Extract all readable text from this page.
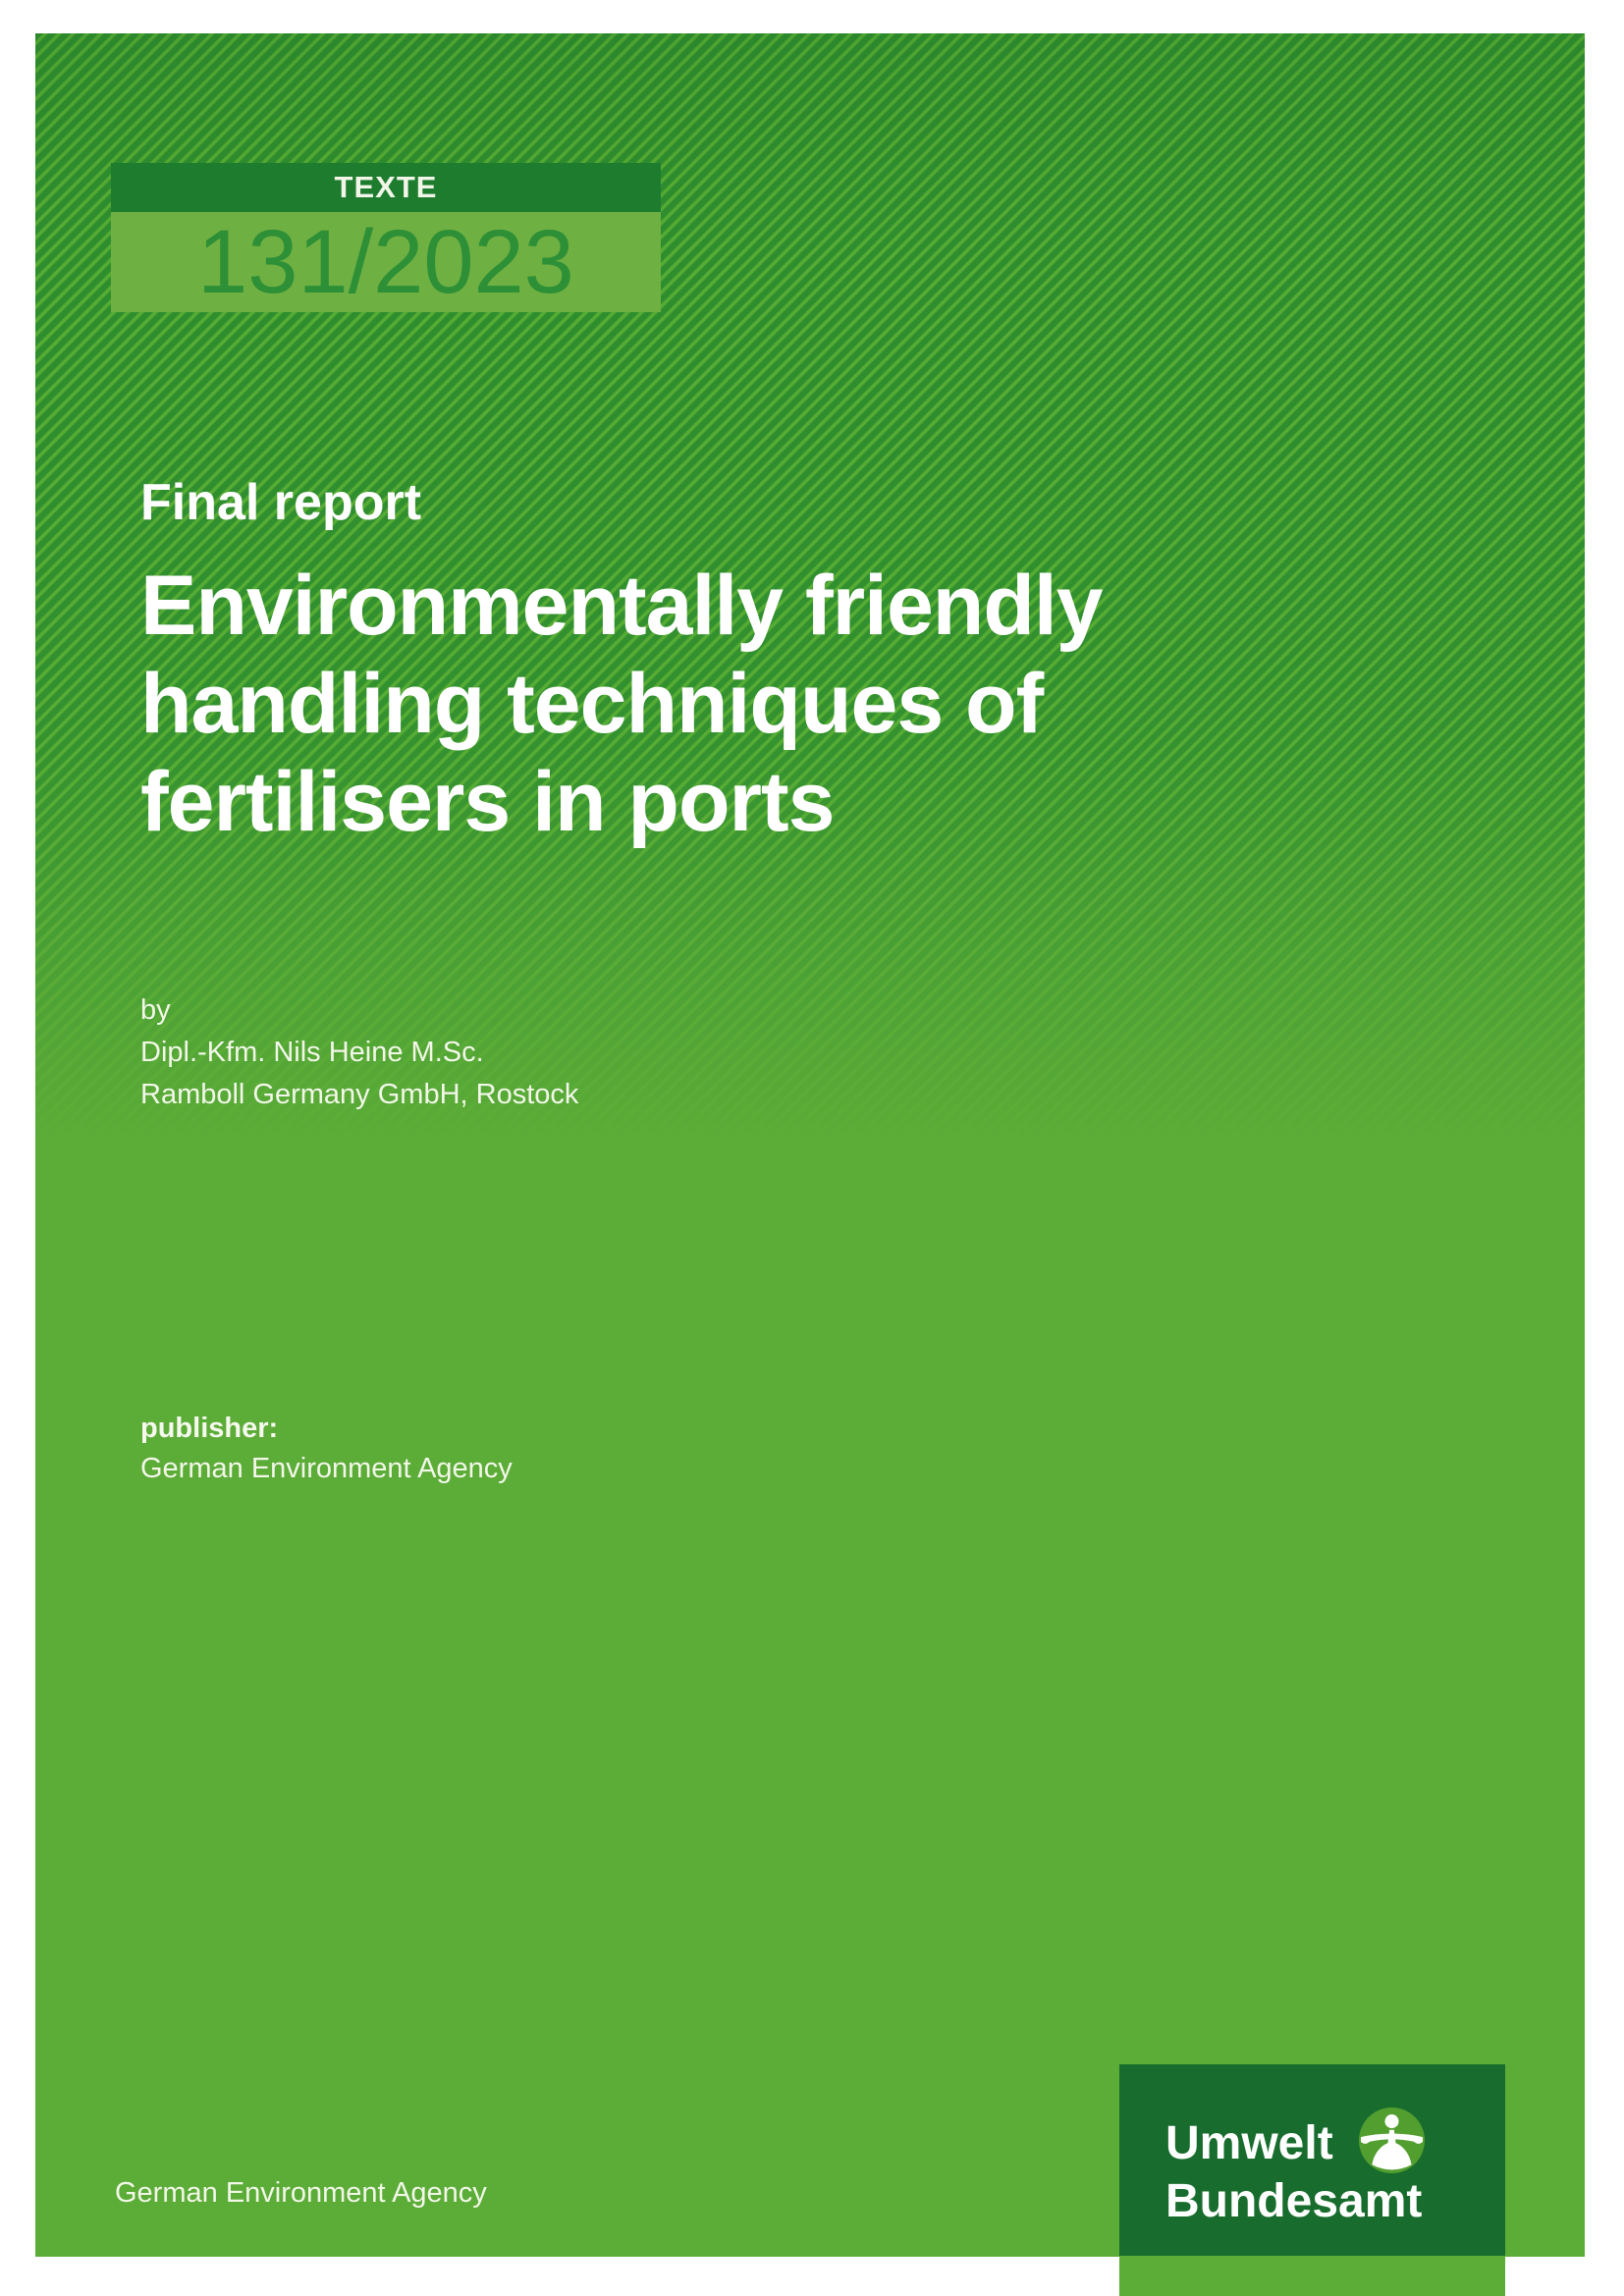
TEXTE
131/2023
Final report
Environmentally friendly
handling techniques of
fertilisers in ports
by
Dipl.-Kfm. Nils Heine M.Sc.
Ramboll Germany GmbH, Rostock
publisher:
German Environment Agency
German Environment Agency
Umwelt
Bundesamt
